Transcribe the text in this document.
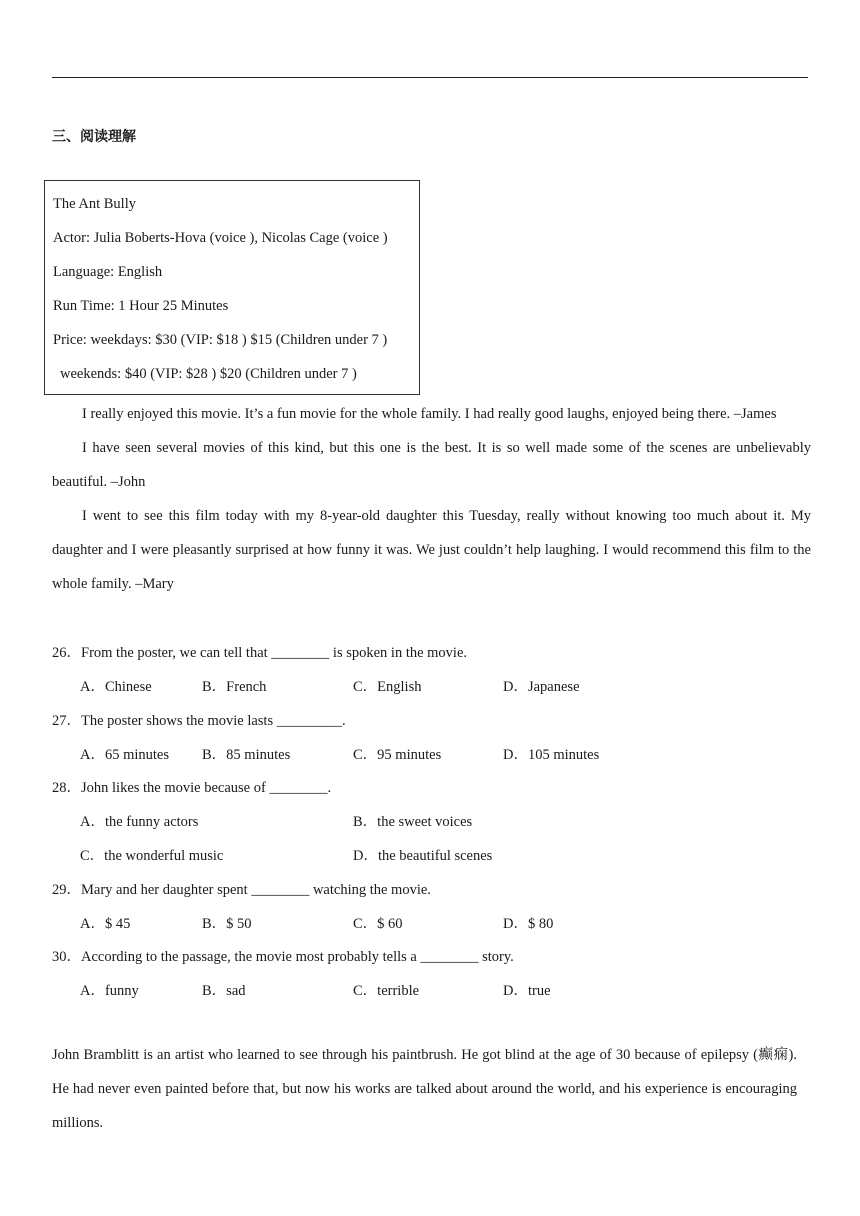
三、阅读理解
The Ant Bully
Actor: Julia Boberts-Hova (voice ), Nicolas Cage (voice )
Language: English
Run Time: 1 Hour 25 Minutes
Price: weekdays: $30 (VIP: $18 ) $15 (Children under 7 )
weekends: $40 (VIP: $28 ) $20 (Children under 7 )

I really enjoyed this movie. It’s a fun movie for the whole family. I had really good laughs, enjoyed being there. –James

I have seen several movies of this kind, but this one is the best. It is so well made some of the scenes are unbelievably beautiful. –John

I went to see this film today with my 8-year-old daughter this Tuesday, really without knowing too much about it. My daughter and I were pleasantly surprised at how funny it was. We just couldn’t help laughing. I would recommend this film to the whole family. –Mary

26．From the poster, we can tell that ________ is spoken in the movie.
A．Chinese	B．French	C．English	D．Japanese
27．The poster shows the movie lasts _________.
A．65 minutes B．85 minutes	C．95 minutes	D．105 minutes
28．John likes the movie because of ________.
A．the funny actors	B．the sweet voices
C．the wonderful music	D．the beautiful scenes
29．Mary and her daughter spent ________ watching the movie.
A．$ 45	B．$ 50	C．$ 60	D．$ 80
30．According to the passage, the movie most probably tells a ________ story.
A．funny	B．sad	C．terrible	D．true

John Bramblitt is an artist who learned to see through his paintbrush. He got blind at the age of 30 because of epilepsy (癫痫). He had never even painted before that, but now his works are talked about around the world, and his experience is encouraging millions.
